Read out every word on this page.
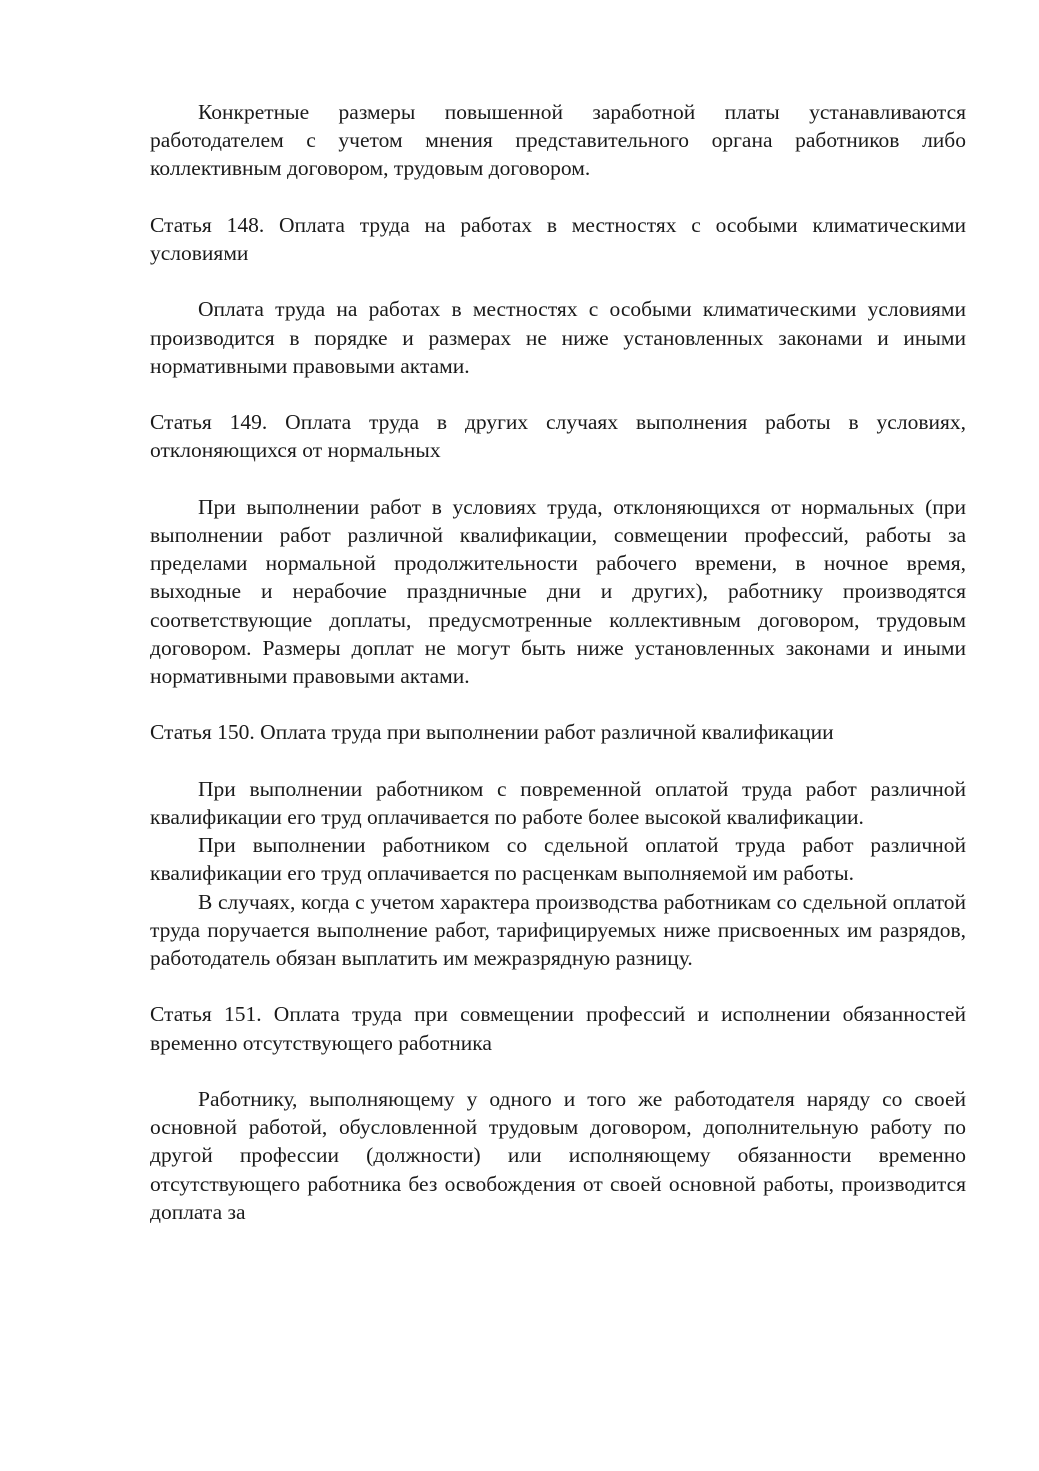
Конкретные размеры повышенной заработной платы устанавливаются работодателем с учетом мнения представительного органа работников либо коллективным договором, трудовым договором.

Статья 148. Оплата труда на работах в местностях с особыми климатическими условиями

Оплата труда на работах в местностях с особыми климатическими условиями производится в порядке и размерах не ниже установленных законами и иными нормативными правовыми актами.

Статья 149. Оплата труда в других случаях выполнения работы в условиях, отклоняющихся от нормальных

При выполнении работ в условиях труда, отклоняющихся от нормальных (при выполнении работ различной квалификации, совмещении профессий, работы за пределами нормальной продолжительности рабочего времени, в ночное время, выходные и нерабочие праздничные дни и других), работнику производятся соответствующие доплаты, предусмотренные коллективным договором, трудовым договором. Размеры доплат не могут быть ниже установленных законами и иными нормативными правовыми актами.

Статья 150. Оплата труда при выполнении работ различной квалификации

При выполнении работником с повременной оплатой труда работ различной квалификации его труд оплачивается по работе более высокой квалификации.

При выполнении работником со сдельной оплатой труда работ различной квалификации его труд оплачивается по расценкам выполняемой им работы.

В случаях, когда с учетом характера производства работникам со сдельной оплатой труда поручается выполнение работ, тарифицируемых ниже присвоенных им разрядов, работодатель обязан выплатить им межразрядную разницу.

Статья 151. Оплата труда при совмещении профессий и исполнении обязанностей временно отсутствующего работника

Работнику, выполняющему у одного и того же работодателя наряду со своей основной работой, обусловленной трудовым договором, дополнительную работу по другой профессии (должности) или исполняющему обязанности временно отсутствующего работника без освобождения от своей основной работы, производится доплата за
